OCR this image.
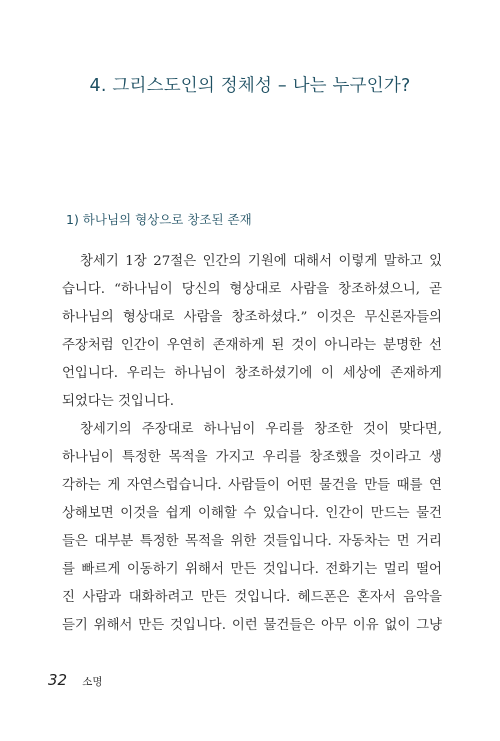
4. 그리스도인의 정체성 – 나는 누구인가?
1) 하나님의 형상으로 창조된 존재
창세기 1장 27절은 인간의 기원에 대해서 이렇게 말하고 있
습니다. “하나님이 당신의 형상대로 사람을 창조하셨으니, 곧
하나님의 형상대로 사람을 창조하셨다.” 이것은 무신론자들의
주장처럼 인간이 우연히 존재하게 된 것이 아니라는 분명한 선
언입니다. 우리는 하나님이 창조하셨기에 이 세상에 존재하게
되었다는 것입니다.
창세기의 주장대로 하나님이 우리를 창조한 것이 맞다면,
하나님이 특정한 목적을 가지고 우리를 창조했을 것이라고 생
각하는 게 자연스럽습니다. 사람들이 어떤 물건을 만들 때를 연
상해보면 이것을 쉽게 이해할 수 있습니다. 인간이 만드는 물건
들은 대부분 특정한 목적을 위한 것들입니다. 자동차는 먼 거리
를 빠르게 이동하기 위해서 만든 것입니다. 전화기는 멀리 떨어
진 사람과 대화하려고 만든 것입니다. 헤드폰은 혼자서 음악을
듣기 위해서 만든 것입니다. 이런 물건들은 아무 이유 없이 그냥
32 소명
